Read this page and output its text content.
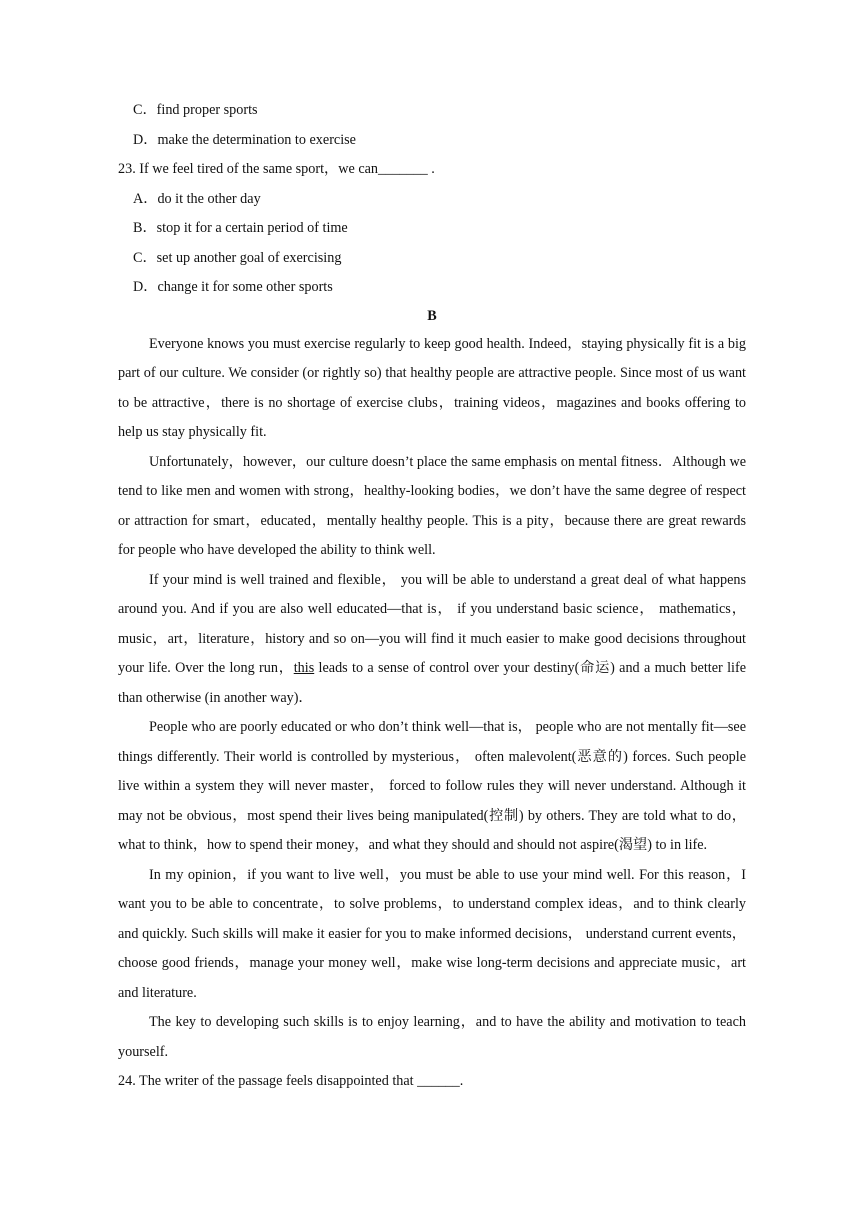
C．find proper sports
D．make the determination to exercise
23. If we feel tired of the same sport，we can_______ .
A．do it the other day
B．stop it for a certain period of time
C．set up another goal of exercising
D．change it for some other sports
B

Everyone knows you must exercise regularly to keep good health. Indeed，staying physically fit is a big part of our culture. We consider (or rightly so) that healthy people are attractive people. Since most of us want to be attractive，there is no shortage of exercise clubs，training videos，magazines and books offering to help us stay physically fit.

Unfortunately，however，our culture doesn’t place the same emphasis on mental fitness．Although we tend to like men and women with strong，healthy-looking bodies，we don’t have the same degree of respect or attraction for smart，educated，mentally healthy people. This is a pity，because there are great rewards for people who have developed the ability to think well.

If your mind is well trained and flexible， you will be able to understand a great deal of what happens around you. And if you are also well educated—that is， if you understand basic science， mathematics，music，art，literature，history and so on—you will find it much easier to make good decisions throughout your life. Over the long run，this leads to a sense of control over your destiny(命运) and a much better life than otherwise (in another way)．

People who are poorly educated or who don’t think well—that is， people who are not mentally fit—see things differently. Their world is controlled by mysterious， often malevolent(恶意的) forces. Such people live within a system they will never master， forced to follow rules they will never understand. Although it may not be obvious，most spend their lives being manipulated(控制) by others. They are told what to do，what to think，how to spend their money，and what they should and should not aspire(渴望) to in life.

In my opinion，if you want to live well，you must be able to use your mind well. For this reason，I want you to be able to concentrate，to solve problems，to understand complex ideas，and to think clearly and quickly. Such skills will make it easier for you to make informed decisions， understand current events，choose good friends，manage your money well，make wise long-term decisions and appreciate music，art and literature.

The key to developing such skills is to enjoy learning，and to have the ability and motivation to teach yourself.

24. The writer of the passage feels disappointed that ______.
